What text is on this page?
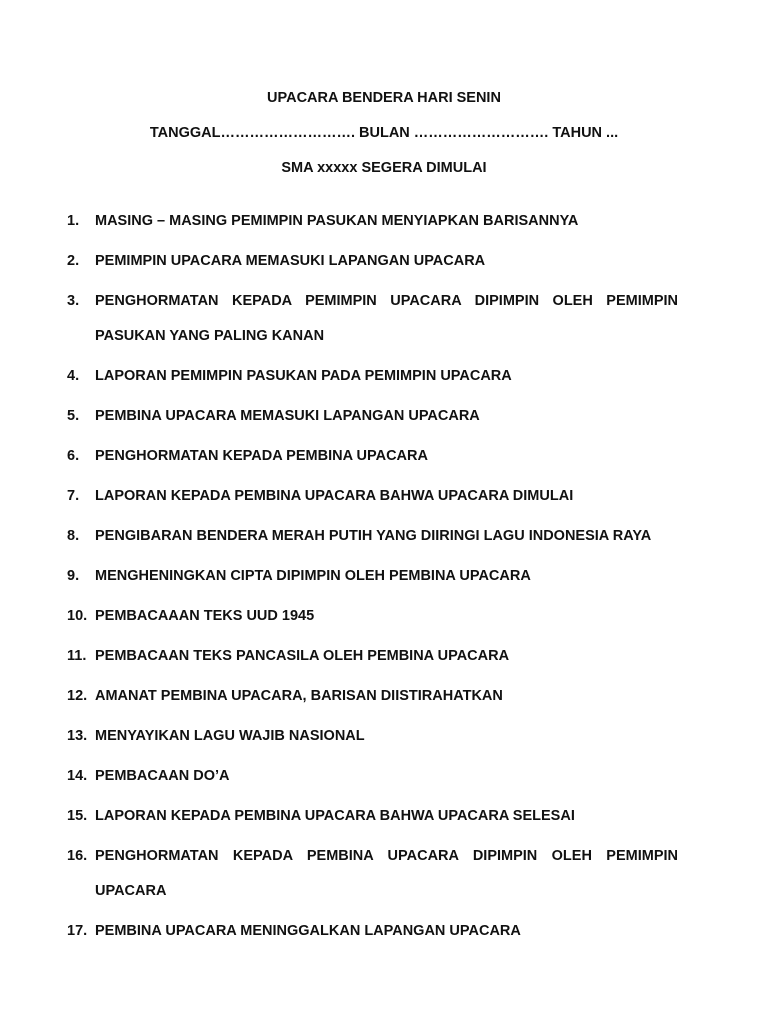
UPACARA BENDERA HARI SENIN
TANGGAL………………………. BULAN ………………………. TAHUN ...
SMA xxxxx SEGERA DIMULAI
1.	MASING – MASING PEMIMPIN PASUKAN MENYIAPKAN BARISANNYA
2.	PEMIMPIN UPACARA MEMASUKI LAPANGAN UPACARA
3.	PENGHORMATAN KEPADA PEMIMPIN UPACARA DIPIMPIN OLEH PEMIMPIN PASUKAN YANG PALING KANAN
4.	LAPORAN PEMIMPIN PASUKAN PADA PEMIMPIN UPACARA
5.	PEMBINA UPACARA MEMASUKI LAPANGAN UPACARA
6.	PENGHORMATAN KEPADA PEMBINA UPACARA
7.	LAPORAN KEPADA PEMBINA UPACARA BAHWA UPACARA DIMULAI
8.	PENGIBARAN BENDERA MERAH PUTIH YANG DIIRINGI LAGU INDONESIA RAYA
9.	MENGHENINGKAN CIPTA DIPIMPIN OLEH PEMBINA UPACARA
10. PEMBACAAAN TEKS UUD 1945
11. PEMBACAAN TEKS PANCASILA OLEH PEMBINA UPACARA
12. AMANAT PEMBINA UPACARA, BARISAN DIISTIRAHATKAN
13. MENYAYIKAN LAGU WAJIB NASIONAL
14. PEMBACAAN DO’A
15. LAPORAN KEPADA PEMBINA UPACARA BAHWA UPACARA SELESAI
16. PENGHORMATAN KEPADA PEMBINA UPACARA DIPIMPIN OLEH PEMIMPIN UPACARA
17. PEMBINA UPACARA MENINGGALKAN LAPANGAN UPACARA
